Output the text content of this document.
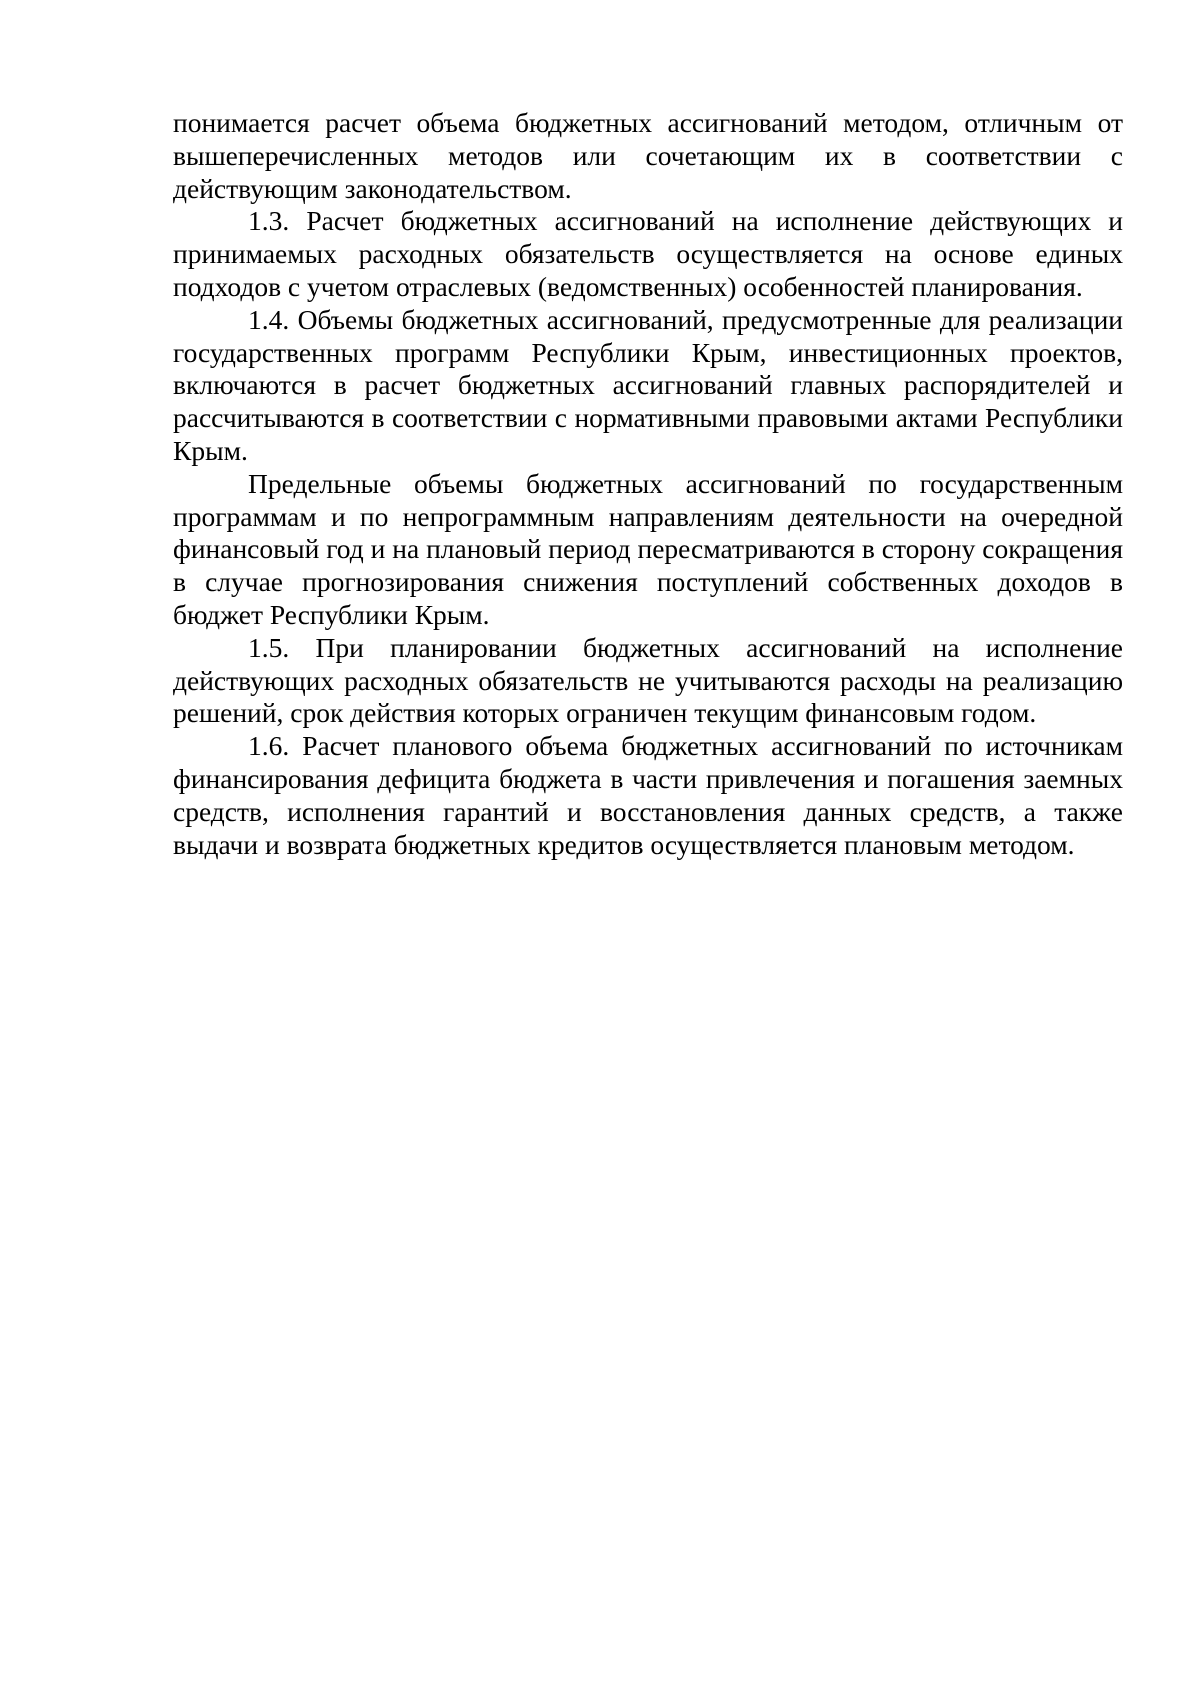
понимается расчет объема бюджетных ассигнований методом, отличным от вышеперечисленных методов или сочетающим их в соответствии с действующим законодательством.

1.3. Расчет бюджетных ассигнований на исполнение действующих и принимаемых расходных обязательств осуществляется на основе единых подходов с учетом отраслевых (ведомственных) особенностей планирования.

1.4. Объемы бюджетных ассигнований, предусмотренные для реализации государственных программ Республики Крым, инвестиционных проектов, включаются в расчет бюджетных ассигнований главных распорядителей и рассчитываются в соответствии с нормативными правовыми актами Республики Крым.

Предельные объемы бюджетных ассигнований по государственным программам и по непрограммным направлениям деятельности на очередной финансовый год и на плановый период пересматриваются в сторону сокращения в случае прогнозирования снижения поступлений собственных доходов в бюджет Республики Крым.

1.5. При планировании бюджетных ассигнований на исполнение действующих расходных обязательств не учитываются расходы на реализацию решений, срок действия которых ограничен текущим финансовым годом.

1.6. Расчет планового объема бюджетных ассигнований по источникам финансирования дефицита бюджета в части привлечения и погашения заемных средств, исполнения гарантий и восстановления данных средств, а также выдачи и возврата бюджетных кредитов осуществляется плановым методом.
